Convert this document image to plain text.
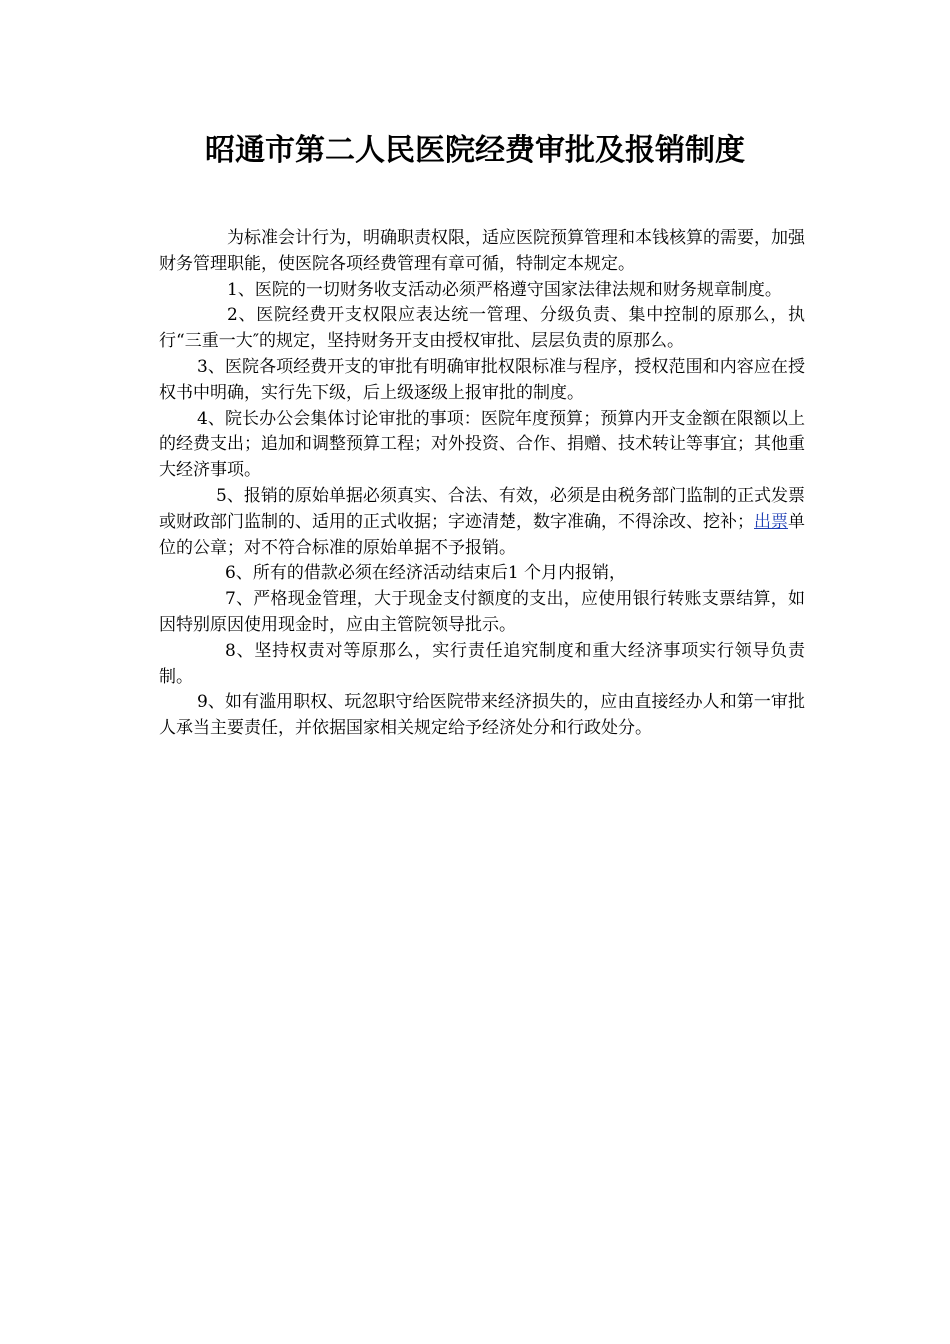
昭通市第二人民医院经费审批及报销制度

为标准会计行为，明确职责权限，适应医院预算管理和本钱核算的需要，加强财务管理职能，使医院各项经费管理有章可循，特制定本规定。

1、医院的一切财务收支活动必须严格遵守国家法律法规和财务规章制度。

2、医院经费开支权限应表达统一管理、分级负责、集中控制的原那么，执行“三重一大″的规定，坚持财务开支由授权审批、层层负责的原那么。

3、医院各项经费开支的审批有明确审批权限标准与程序，授权范围和内容应在授权书中明确，实行先下级，后上级逐级上报审批的制度。

4、院长办公会集体讨论审批的事项：医院年度预算；预算内开支金额在限额以上的经费支出；追加和调整预算工程；对外投资、合作、捐赠、技术转让等事宜；其他重大经济事项。

5、报销的原始单据必须真实、合法、有效，必须是由税务部门监制的正式发票或财政部门监制的、适用的正式收据；字迹清楚，数字准确，不得涂改、挖补；出票单位的公章；对不符合标准的原始单据不予报销。

6、所有的借款必须在经济活动结束后1 个月内报销，

7、严格现金管理，大于现金支付额度的支出，应使用银行转账支票结算，如因特别原因使用现金时，应由主管院领导批示。

8、坚持权责对等原那么，实行责任追究制度和重大经济事项实行领导负责制。

9、如有滥用职权、玩忽职守给医院带来经济损失的，应由直接经办人和第一审批人承当主要责任，并依据国家相关规定给予经济处分和行政处分。
